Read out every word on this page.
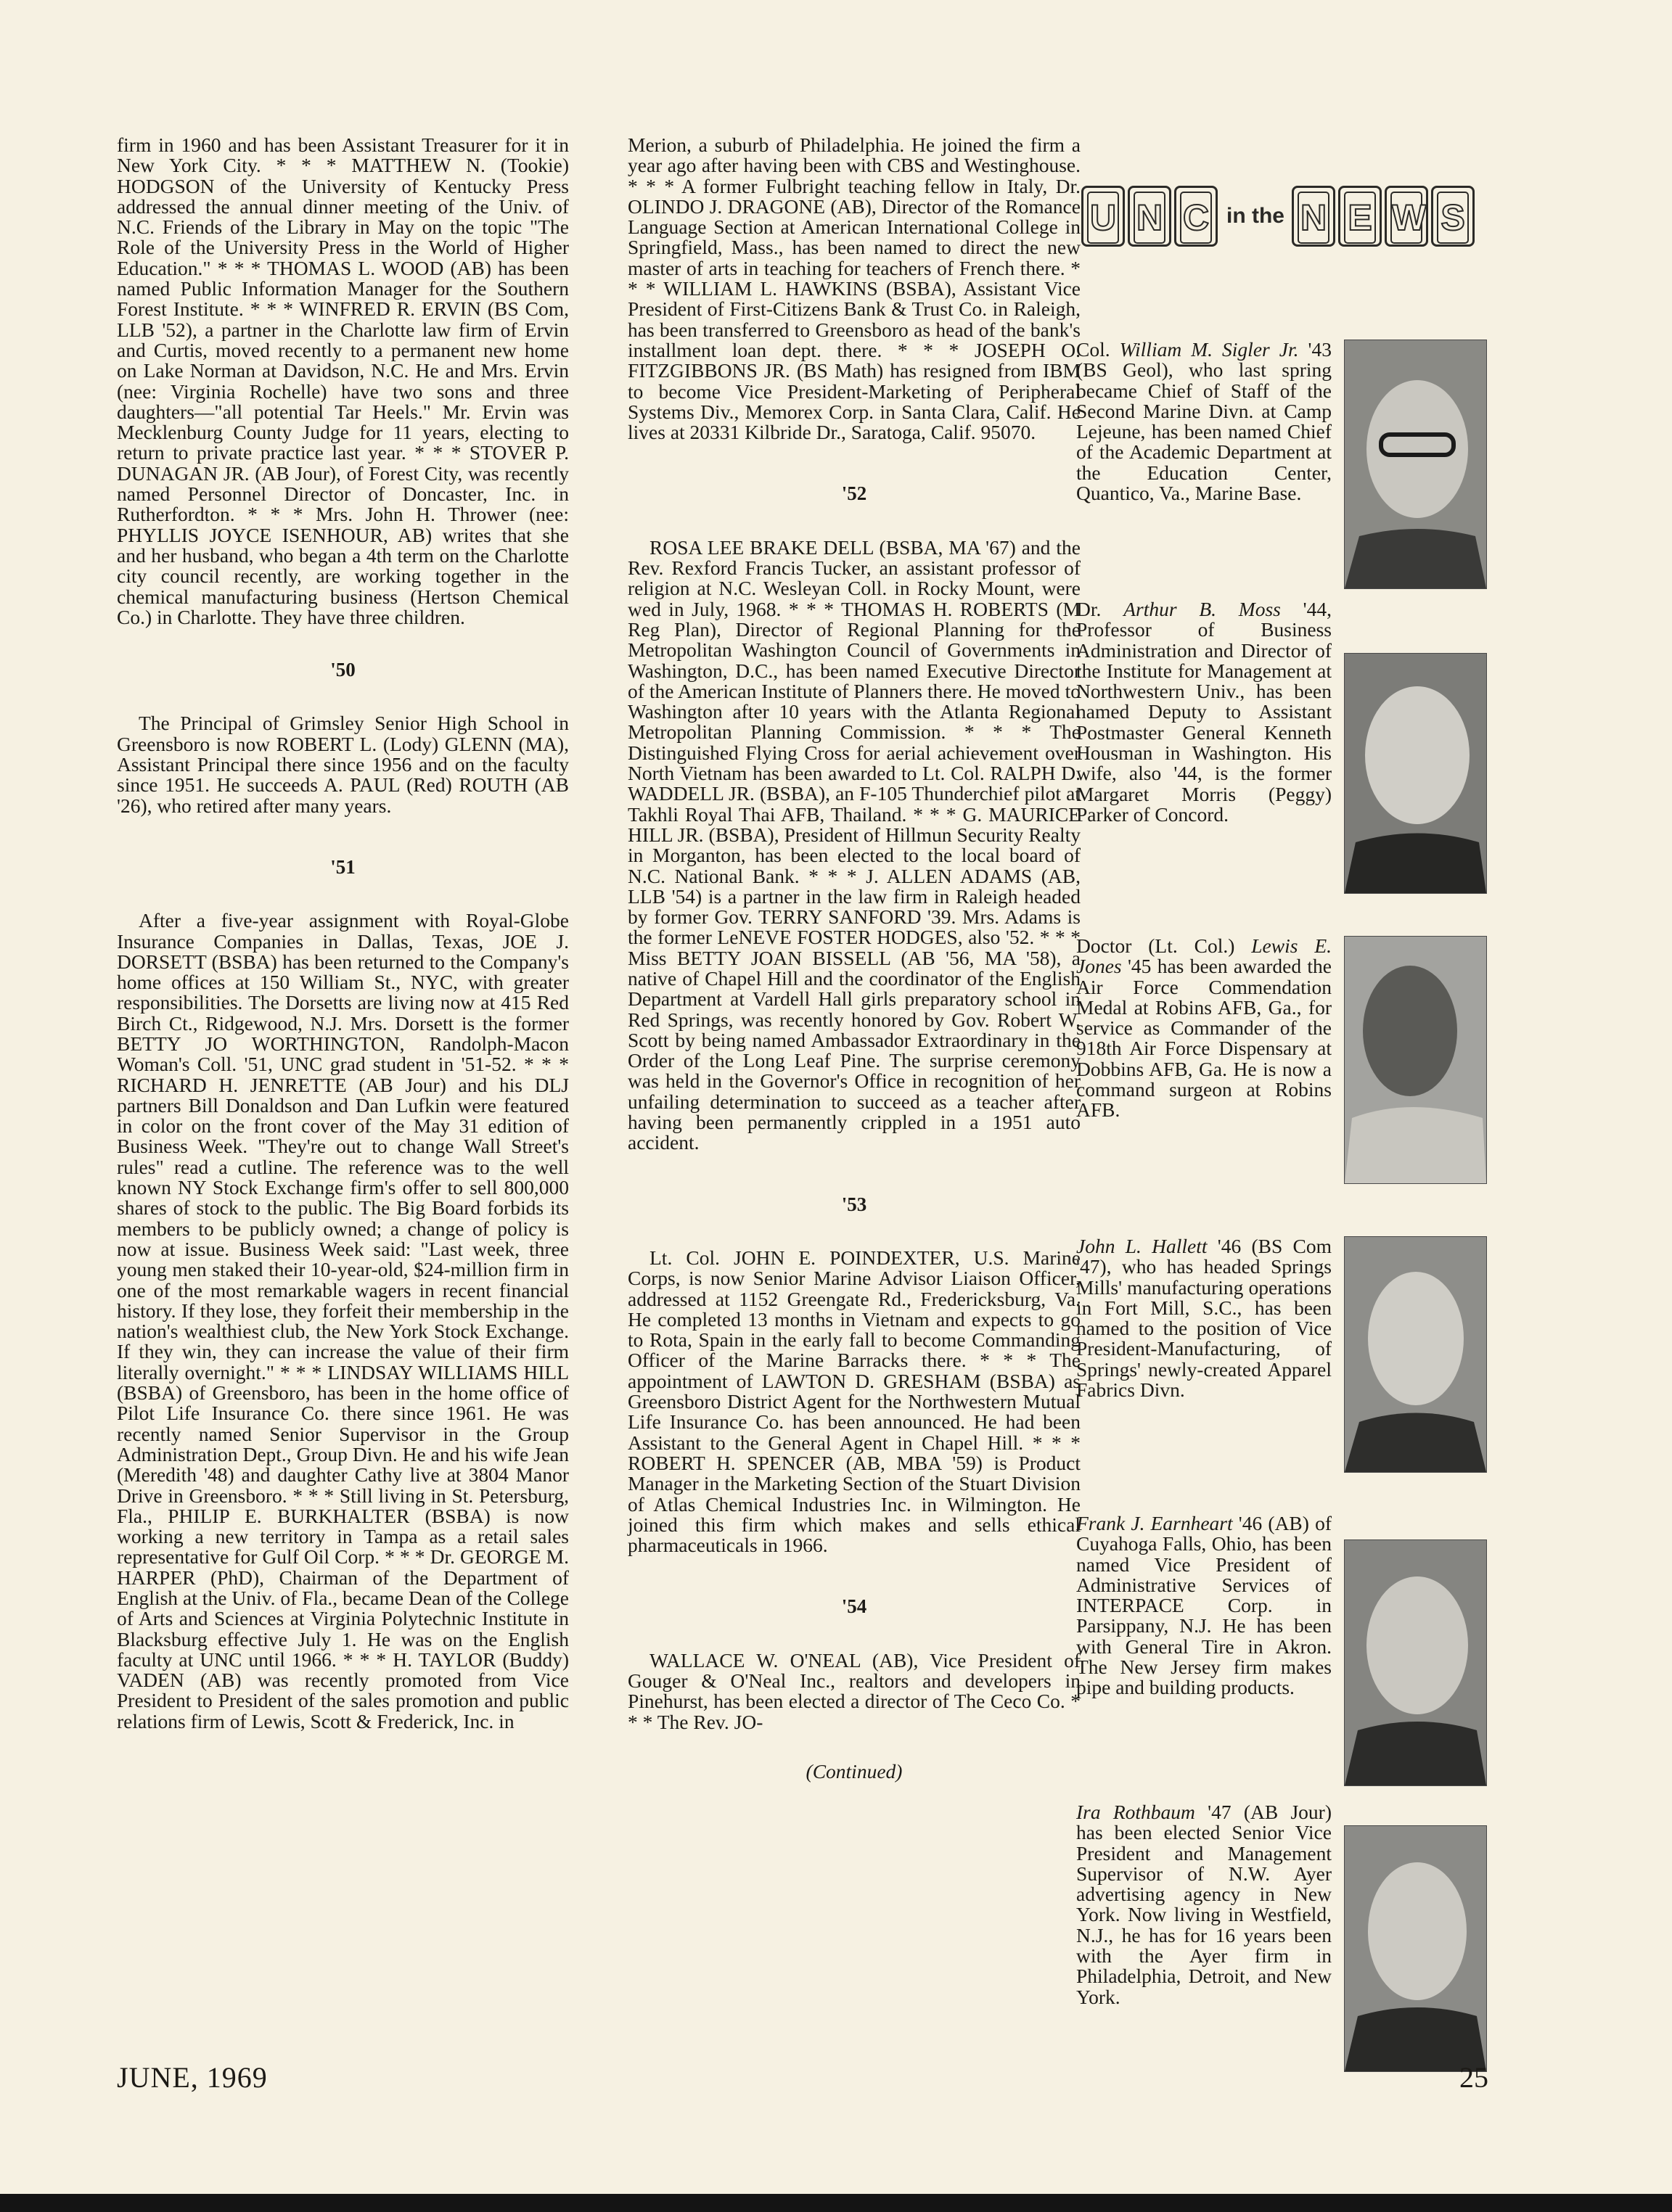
firm in 1960 and has been Assistant Treasurer for it in New York City. * * * MATTHEW N. (Tookie) HODGSON of the University of Kentucky Press addressed the annual dinner meeting of the Univ. of N.C. Friends of the Library in May on the topic "The Role of the University Press in the World of Higher Education." * * * THOMAS L. WOOD (AB) has been named Public Information Manager for the Southern Forest Institute. * * * WINFRED R. ERVIN (BS Com, LLB '52), a partner in the Charlotte law firm of Ervin and Curtis, moved recently to a permanent new home on Lake Norman at Davidson, N.C. He and Mrs. Ervin (nee: Virginia Rochelle) have two sons and three daughters—"all potential Tar Heels." Mr. Ervin was Mecklenburg County Judge for 11 years, electing to return to private practice last year. * * * STOVER P. DUNAGAN JR. (AB Jour), of Forest City, was recently named Personnel Director of Doncaster, Inc. in Rutherfordton. * * * Mrs. John H. Thrower (nee: PHYLLIS JOYCE ISENHOUR, AB) writes that she and her husband, who began a 4th term on the Charlotte city council recently, are working together in the chemical manufacturing business (Hertson Chemical Co.) in Charlotte. They have three children.

'50

The Principal of Grimsley Senior High School in Greensboro is now ROBERT L. (Lody) GLENN (MA), Assistant Principal there since 1956 and on the faculty since 1951. He succeeds A. PAUL (Red) ROUTH (AB '26), who retired after many years.

'51

After a five-year assignment with Royal-Globe Insurance Companies in Dallas, Texas, JOE J. DORSETT (BSBA) has been returned to the Company's home offices at 150 William St., NYC, with greater responsibilities. The Dorsetts are living now at 415 Red Birch Ct., Ridgewood, N.J. Mrs. Dorsett is the former BETTY JO WORTHINGTON, Randolph-Macon Woman's Coll. '51, UNC grad student in '51-52. * * * RICHARD H. JENRETTE (AB Jour) and his DLJ partners Bill Donaldson and Dan Lufkin were featured in color on the front cover of the May 31 edition of Business Week. "They're out to change Wall Street's rules" read a cutline. The reference was to the well known NY Stock Exchange firm's offer to sell 800,000 shares of stock to the public. The Big Board forbids its members to be publicly owned; a change of policy is now at issue. Business Week said: "Last week, three young men staked their 10-year-old, $24-million firm in one of the most remarkable wagers in recent financial history. If they lose, they forfeit their membership in the nation's wealthiest club, the New York Stock Exchange. If they win, they can increase the value of their firm literally overnight." * * * LINDSAY WILLIAMS HILL (BSBA) of Greensboro, has been in the home office of Pilot Life Insurance Co. there since 1961. He was recently named Senior Supervisor in the Group Administration Dept., Group Divn. He and his wife Jean (Meredith '48) and daughter Cathy live at 3804 Manor Drive in Greensboro. * * * Still living in St. Petersburg, Fla., PHILIP E. BURKHALTER (BSBA) is now working a new territory in Tampa as a retail sales representative for Gulf Oil Corp. * * * Dr. GEORGE M. HARPER (PhD), Chairman of the Department of English at the Univ. of Fla., became Dean of the College of Arts and Sciences at Virginia Polytechnic Institute in Blacksburg effective July 1. He was on the English faculty at UNC until 1966. * * * H. TAYLOR (Buddy) VADEN (AB) was recently promoted from Vice President to President of the sales promotion and public relations firm of Lewis, Scott & Frederick, Inc. in

Merion, a suburb of Philadelphia. He joined the firm a year ago after having been with CBS and Westinghouse. * * * A former Fulbright teaching fellow in Italy, Dr. OLINDO J. DRAGONE (AB), Director of the Romance Language Section at American International College in Springfield, Mass., has been named to direct the new master of arts in teaching for teachers of French there. * * * WILLIAM L. HAWKINS (BSBA), Assistant Vice President of First-Citizens Bank & Trust Co. in Raleigh, has been transferred to Greensboro as head of the bank's installment loan dept. there. * * * JOSEPH O. FITZGIBBONS JR. (BS Math) has resigned from IBM to become Vice President-Marketing of Peripheral Systems Div., Memorex Corp. in Santa Clara, Calif. He lives at 20331 Kilbride Dr., Saratoga, Calif. 95070.

'52

ROSA LEE BRAKE DELL (BSBA, MA '67) and the Rev. Rexford Francis Tucker, an assistant professor of religion at N.C. Wesleyan Coll. in Rocky Mount, were wed in July, 1968. * * * THOMAS H. ROBERTS (M Reg Plan), Director of Regional Planning for the Metropolitan Washington Council of Governments in Washington, D.C., has been named Executive Director of the American Institute of Planners there. He moved to Washington after 10 years with the Atlanta Regional Metropolitan Planning Commission. * * * The Distinguished Flying Cross for aerial achievement over North Vietnam has been awarded to Lt. Col. RALPH D. WADDELL JR. (BSBA), an F-105 Thunderchief pilot at Takhli Royal Thai AFB, Thailand. * * * G. MAURICE HILL JR. (BSBA), President of Hillmun Security Realty in Morganton, has been elected to the local board of N.C. National Bank. * * * J. ALLEN ADAMS (AB, LLB '54) is a partner in the law firm in Raleigh headed by former Gov. TERRY SANFORD '39. Mrs. Adams is the former LeNEVE FOSTER HODGES, also '52. * * * Miss BETTY JOAN BISSELL (AB '56, MA '58), a native of Chapel Hill and the coordinator of the English Department at Vardell Hall girls preparatory school in Red Springs, was recently honored by Gov. Robert W. Scott by being named Ambassador Extraordinary in the Order of the Long Leaf Pine. The surprise ceremony was held in the Governor's Office in recognition of her unfailing determination to succeed as a teacher after having been permanently crippled in a 1951 auto accident.

'53

Lt. Col. JOHN E. POINDEXTER, U.S. Marine Corps, is now Senior Marine Advisor Liaison Officer, addressed at 1152 Greengate Rd., Fredericksburg, Va. He completed 13 months in Vietnam and expects to go to Rota, Spain in the early fall to become Commanding Officer of the Marine Barracks there. * * * The appointment of LAWTON D. GRESHAM (BSBA) as Greensboro District Agent for the Northwestern Mutual Life Insurance Co. has been announced. He had been Assistant to the General Agent in Chapel Hill. * * * ROBERT H. SPENCER (AB, MBA '59) is Product Manager in the Marketing Section of the Stuart Division of Atlas Chemical Industries Inc. in Wilmington. He joined this firm which makes and sells ethical pharmaceuticals in 1966.

'54

WALLACE W. O'NEAL (AB), Vice President of Gouger & O'Neal Inc., realtors and developers in Pinehurst, has been elected a director of The Ceco Co. * * * The Rev. JO-

(Continued)
U N C in the N E W S
Col. William M. Sigler Jr. '43 (BS Geol), who last spring became Chief of Staff of the Second Marine Divn. at Camp Lejeune, has been named Chief of the Academic Department at the Education Center, Quantico, Va., Marine Base.
Dr. Arthur B. Moss '44, Professor of Business Administration and Director of the Institute for Management at Northwestern Univ., has been named Deputy to Assistant Postmaster General Kenneth Housman in Washington. His wife, also '44, is the former Margaret Morris (Peggy) Parker of Concord.
Doctor (Lt. Col.) Lewis E. Jones '45 has been awarded the Air Force Commendation Medal at Robins AFB, Ga., for service as Commander of the 918th Air Force Dispensary at Dobbins AFB, Ga. He is now a command surgeon at Robins AFB.
John L. Hallett '46 (BS Com '47), who has headed Springs Mills' manufacturing operations in Fort Mill, S.C., has been named to the position of Vice President-Manufacturing, of Springs' newly-created Apparel Fabrics Divn.
Frank J. Earnheart '46 (AB) of Cuyahoga Falls, Ohio, has been named Vice President of Administrative Services of INTERPACE Corp. in Parsippany, N.J. He has been with General Tire in Akron. The New Jersey firm makes pipe and building products.
Ira Rothbaum '47 (AB Jour) has been elected Senior Vice President and Management Supervisor of N.W. Ayer advertising agency in New York. Now living in Westfield, N.J., he has for 16 years been with the Ayer firm in Philadelphia, Detroit, and New York.
JUNE, 1969	25
